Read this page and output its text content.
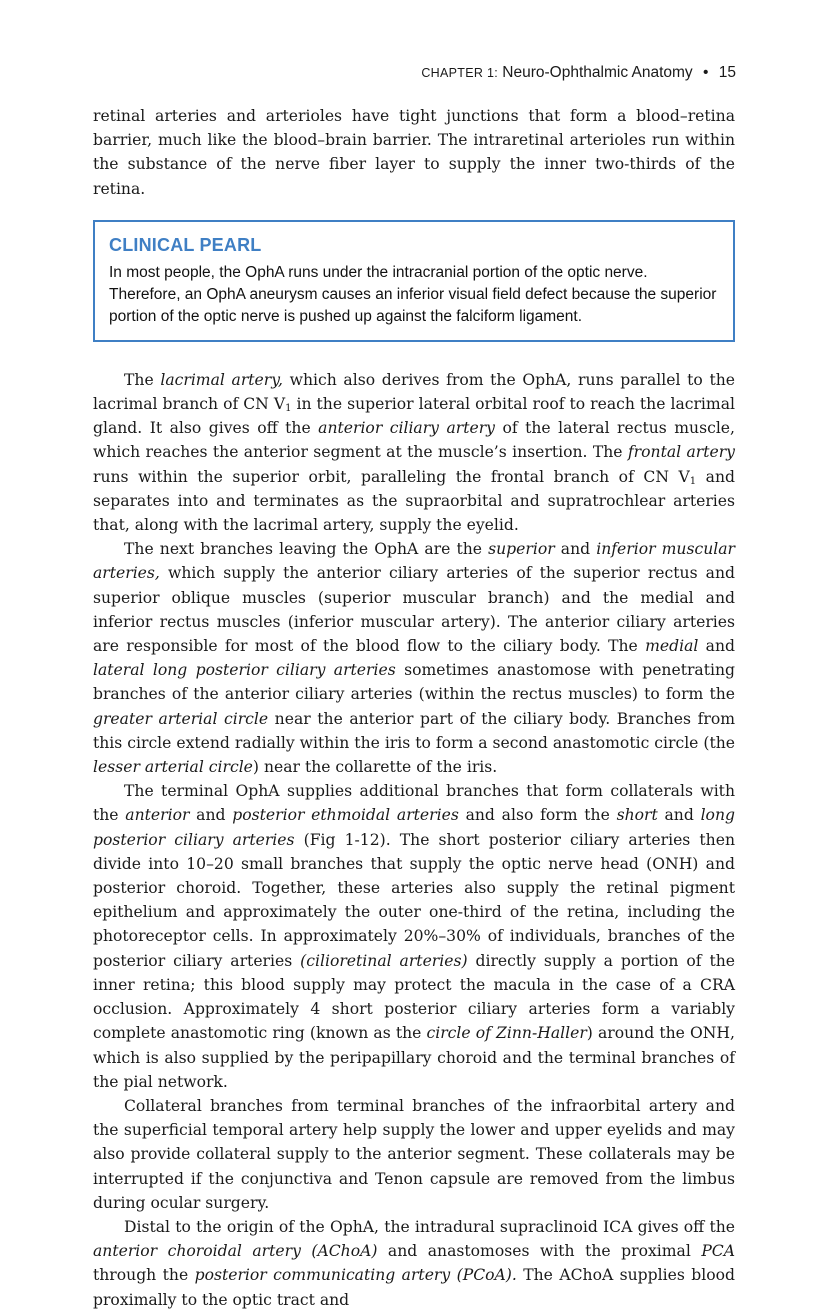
CHAPTER 1: Neuro-Ophthalmic Anatomy • 15

retinal arteries and arterioles have tight junctions that form a blood–retina barrier, much like the blood–brain barrier. The intraretinal arterioles run within the substance of the nerve fiber layer to supply the inner two-thirds of the retina.

CLINICAL PEARL
In most people, the OphA runs under the intracranial portion of the optic nerve. Therefore, an OphA aneurysm causes an inferior visual field defect because the superior portion of the optic nerve is pushed up against the falciform ligament.

The lacrimal artery, which also derives from the OphA, runs parallel to the lacrimal branch of CN $V_1$ in the superior lateral orbital roof to reach the lacrimal gland. It also gives off the anterior ciliary artery of the lateral rectus muscle, which reaches the anterior segment at the muscle’s insertion. The frontal artery runs within the superior orbit, paralleling the frontal branch of CN $V_1$ and separates into and terminates as the supraorbital and supratrochlear arteries that, along with the lacrimal artery, supply the eyelid.

The next branches leaving the OphA are the superior and inferior muscular arteries, which supply the anterior ciliary arteries of the superior rectus and superior oblique muscles (superior muscular branch) and the medial and inferior rectus muscles (inferior muscular artery). The anterior ciliary arteries are responsible for most of the blood flow to the ciliary body. The medial and lateral long posterior ciliary arteries sometimes anastomose with penetrating branches of the anterior ciliary arteries (within the rectus muscles) to form the greater arterial circle near the anterior part of the ciliary body. Branches from this circle extend radially within the iris to form a second anastomotic circle (the lesser arterial circle) near the collarette of the iris.

The terminal OphA supplies additional branches that form collaterals with the anterior and posterior ethmoidal arteries and also form the short and long posterior ciliary arteries (Fig 1-12). The short posterior ciliary arteries then divide into 10–20 small branches that supply the optic nerve head (ONH) and posterior choroid. Together, these arteries also supply the retinal pigment epithelium and approximately the outer one-third of the retina, including the photoreceptor cells. In approximately 20%–30% of individuals, branches of the posterior ciliary arteries (cilioretinal arteries) directly supply a portion of the inner retina; this blood supply may protect the macula in the case of a CRA occlusion. Approximately 4 short posterior ciliary arteries form a variably complete anastomotic ring (known as the circle of Zinn-Haller) around the ONH, which is also supplied by the peripapillary choroid and the terminal branches of the pial network.

Collateral branches from terminal branches of the infraorbital artery and the superficial temporal artery help supply the lower and upper eyelids and may also provide collateral supply to the anterior segment. These collaterals may be interrupted if the conjunctiva and Tenon capsule are removed from the limbus during ocular surgery.

Distal to the origin of the OphA, the intradural supraclinoid ICA gives off the anterior choroidal artery (AChoA) and anastomoses with the proximal PCA through the posterior communicating artery (PCoA). The AChoA supplies blood proximally to the optic tract and
